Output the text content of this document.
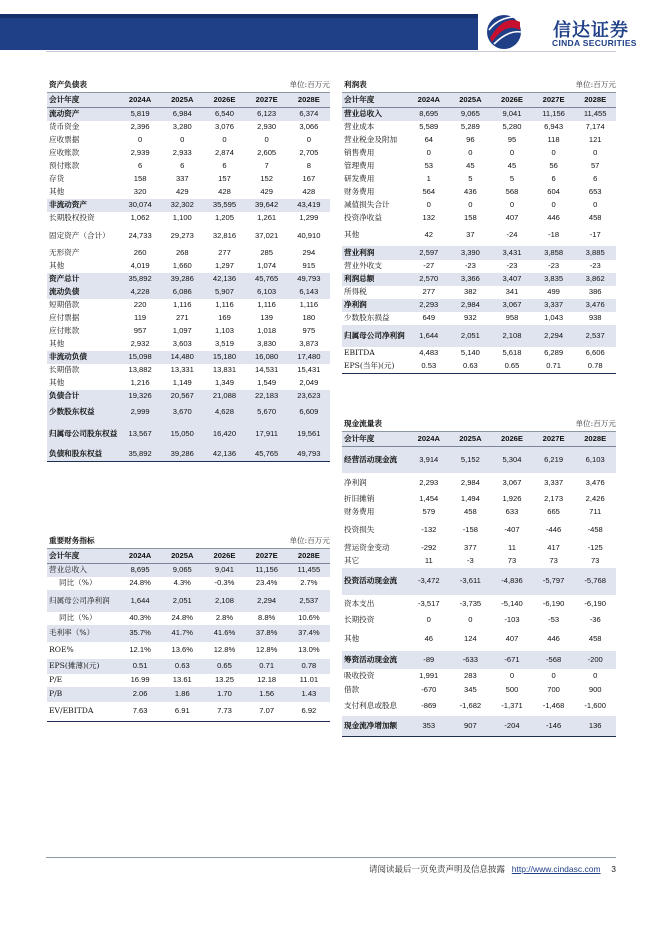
信达证券
CINDA SECURITIES
资产负债表			单位:百万元		
会计年度	2024A	2025A	2026E	2027E	2028E
流动资产	5,819	6,984	6,540	6,123	6,374
货币资金	2,396	3,280	3,076	2,930	3,066
应收票据	0	0	0	0	0
应收账款	2,939	2,933	2,874	2,605	2,705
预付账款	6	6	6	7	8
存货	158	337	157	152	167
其他	320	429	428	429	428
非流动资产	30,074	32,302	35,595	39,642	43,419
长期股权投资	1,062	1,100	1,205	1,261	1,299
固定资产（合计）	24,733	29,273	32,816	37,021	40,910
无形资产	260	268	277	285	294
其他	4,019	1,660	1,297	1,074	915
资产总计	35,892	39,286	42,136	45,765	49,793
流动负债	4,228	6,086	5,907	6,103	6,143
短期借款	220	1,116	1,116	1,116	1,116
应付票据	119	271	169	139	180
应付账款	957	1,097	1,103	1,018	975
其他	2,932	3,603	3,519	3,830	3,873
非流动负债	15,098	14,480	15,180	16,080	17,480
长期借款	13,882	13,331	13,831	14,531	15,431
其他	1,216	1,149	1,349	1,549	2,049
负债合计	19,326	20,567	21,088	22,183	23,623
少数股东权益	2,999	3,670	4,628	5,670	6,609
归属母公司股东权益	13,567	15,050	16,420	17,911	19,561
负债和股东权益	35,892	39,286	42,136	45,765	49,793
重要财务指标			单位:百万元		
会计年度	2024A	2025A	2026E	2027E	2028E
营业总收入	8,695	9,065	9,041	11,156	11,455
同比（%）	24.8%	4.3%	-0.3%	23.4%	2.7%
归属母公司净利润	1,644	2,051	2,108	2,294	2,537
同比（%）	40.3%	24.8%	2.8%	8.8%	10.6%
毛利率（%）	35.7%	41.7%	41.6%	37.8%	37.4%
ROE%	12.1%	13.6%	12.8%	12.8%	13.0%
EPS(摊薄)(元)	0.51	0.63	0.65	0.71	0.78
P/E	16.99	13.61	13.25	12.18	11.01
P/B	2.06	1.86	1.70	1.56	1.43
EV/EBITDA	7.63	6.91	7.73	7.07	6.92
利润表			单位:百万元		
会计年度	2024A	2025A	2026E	2027E	2028E
营业总收入	8,695	9,065	9,041	11,156	11,455
营业成本	5,589	5,289	5,280	6,943	7,174
营业税金及附加	64	96	95	118	121
销售费用	0	0	0	0	0
管理费用	53	45	45	56	57
研发费用	1	5	5	6	6
财务费用	564	436	568	604	653
减值损失合计	0	0	0	0	0
投资净收益	132	158	407	446	458
其他	42	37	-24	-18	-17
营业利润	2,597	3,390	3,431	3,858	3,885
营业外收支	-27	-23	-23	-23	-23
利润总额	2,570	3,366	3,407	3,835	3,862
所得税	277	382	341	499	386
净利润	2,293	2,984	3,067	3,337	3,476
少数股东损益	649	932	958	1,043	938
归属母公司净利润	1,644	2,051	2,108	2,294	2,537
EBITDA	4,483	5,140	5,618	6,289	6,606
EPS(当年)(元)	0.53	0.63	0.65	0.71	0.78
现金流量表			单位:百万元		
会计年度	2024A	2025A	2026E	2027E	2028E
经营活动现金流	3,914	5,152	5,304	6,219	6,103
净利润	2,293	2,984	3,067	3,337	3,476
折旧摊销	1,454	1,494	1,926	2,173	2,426
财务费用	579	458	633	665	711
投资损失	-132	-158	-407	-446	-458
营运资金变动	-292	377	11	417	-125
其它	11	-3	73	73	73
投资活动现金流	-3,472	-3,611	-4,836	-5,797	-5,768
资本支出	-3,517	-3,735	-5,140	-6,190	-6,190
长期投资	0	0	-103	-53	-36
其他	46	124	407	446	458
筹资活动现金流	-89	-633	-671	-568	-200
吸收投资	1,991	283	0	0	0
借款	-670	345	500	700	900
支付利息或股息	-869	-1,682	-1,371	-1,468	-1,600
现金流净增加额	353	907	-204	-146	136
请阅读最后一页免责声明及信息披露 http://www.cindasc.com 3
